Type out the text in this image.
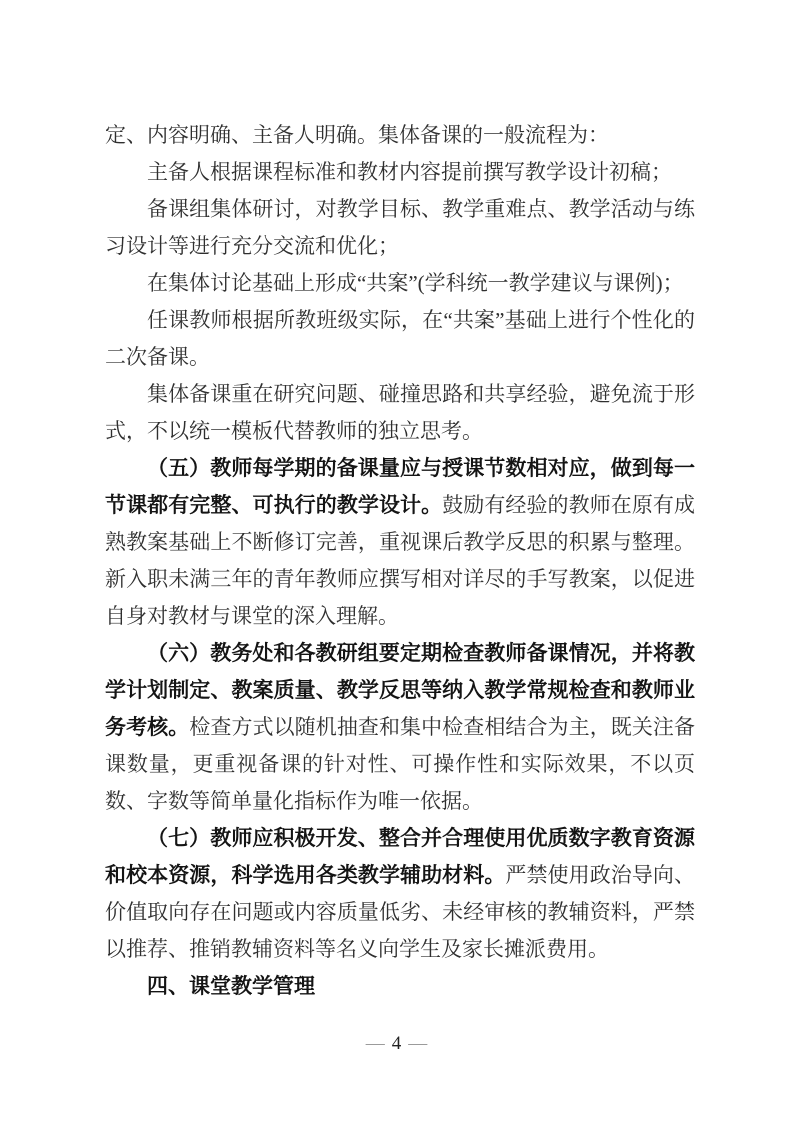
定、内容明确、主备人明确。集体备课的一般流程为：
主备人根据课程标准和教材内容提前撰写教学设计初稿；
备课组集体研讨，对教学目标、教学重难点、教学活动与练习设计等进行充分交流和优化；
在集体讨论基础上形成“共案”(学科统一教学建议与课例)；
任课教师根据所教班级实际，在“共案”基础上进行个性化的二次备课。
集体备课重在研究问题、碰撞思路和共享经验，避免流于形式，不以统一模板代替教师的独立思考。
（五）教师每学期的备课量应与授课节数相对应，做到每一节课都有完整、可执行的教学设计。鼓励有经验的教师在原有成熟教案基础上不断修订完善，重视课后教学反思的积累与整理。新入职未满三年的青年教师应撰写相对详尽的手写教案，以促进自身对教材与课堂的深入理解。
（六）教务处和各教研组要定期检查教师备课情况，并将教学计划制定、教案质量、教学反思等纳入教学常规检查和教师业务考核。检查方式以随机抽查和集中检查相结合为主，既关注备课数量，更重视备课的针对性、可操作性和实际效果，不以页数、字数等简单量化指标作为唯一依据。
（七）教师应积极开发、整合并合理使用优质数字教育资源和校本资源，科学选用各类教学辅助材料。严禁使用政治导向、价值取向存在问题或内容质量低劣、未经审核的教辅资料，严禁以推荐、推销教辅资料等名义向学生及家长摊派费用。
四、课堂教学管理
— 4 —
